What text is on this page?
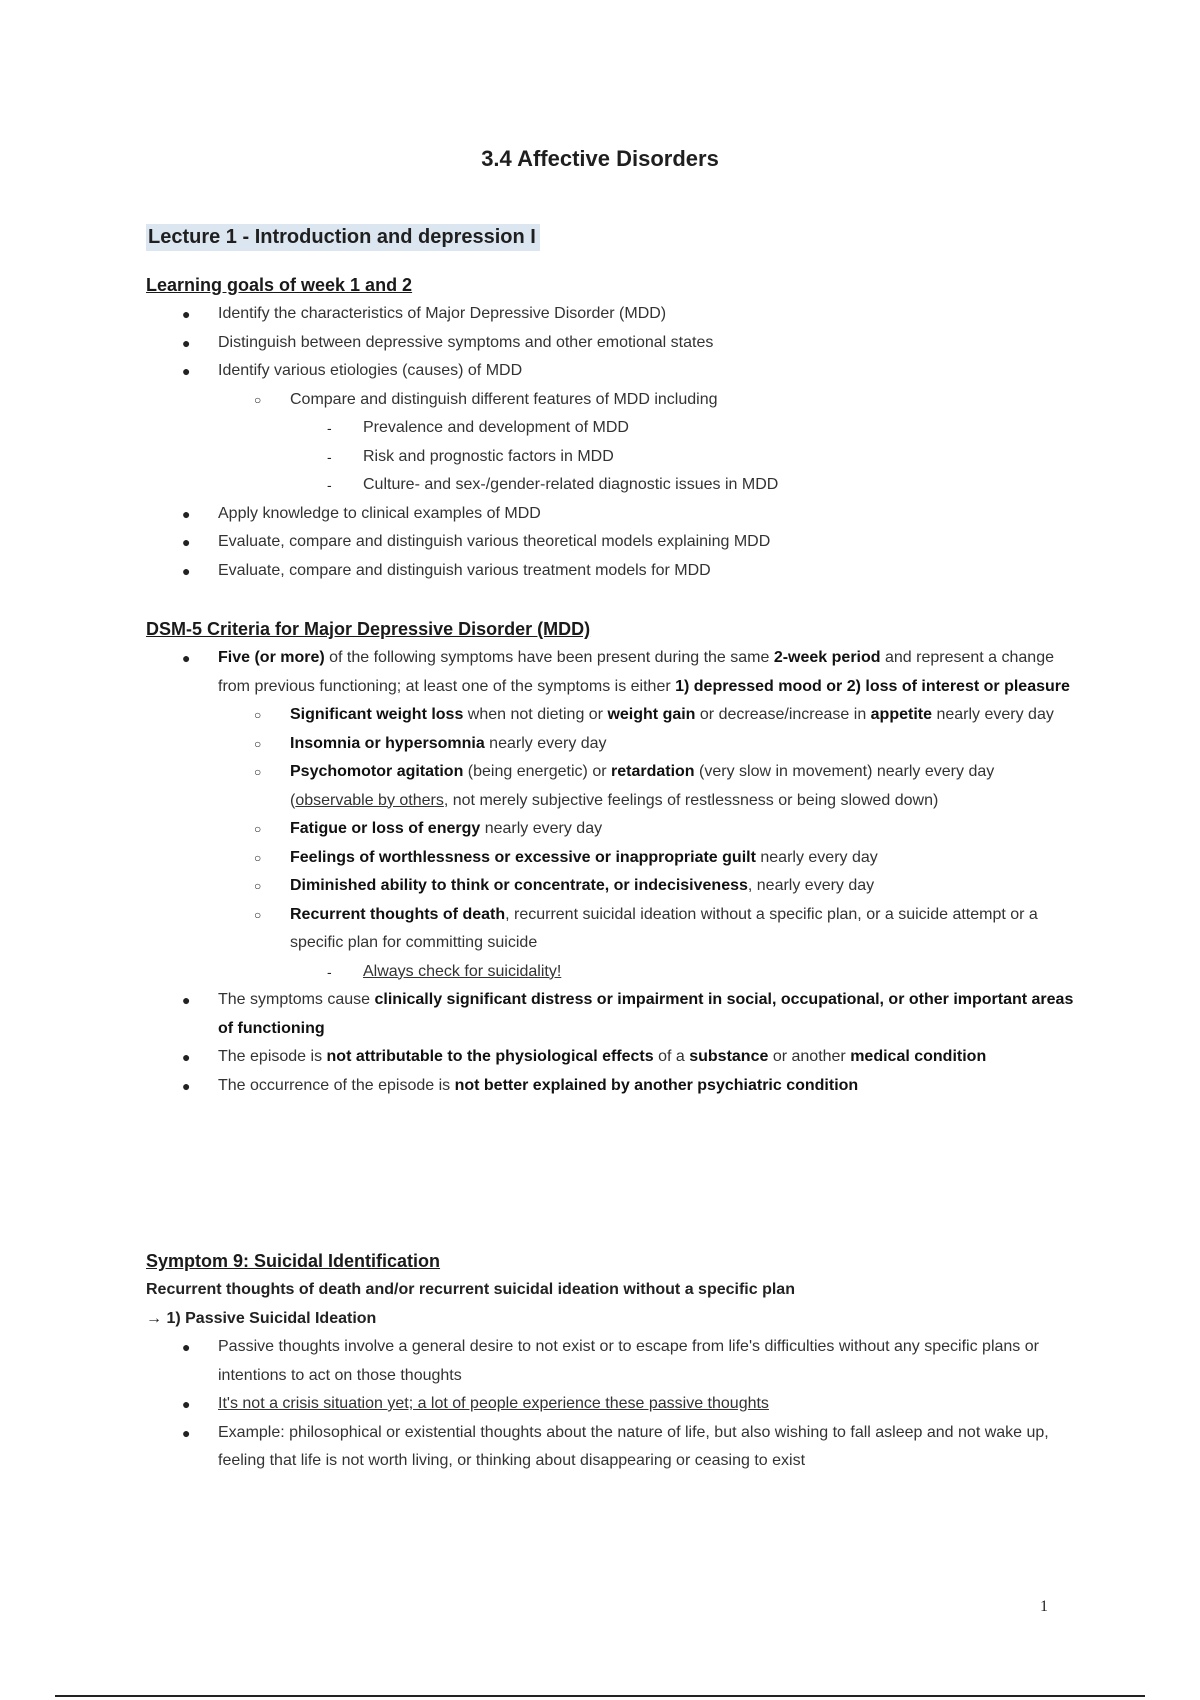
3.4 Affective Disorders
Lecture 1 - Introduction and depression I
Learning goals of week 1 and 2
● Identify the characteristics of Major Depressive Disorder (MDD)
● Distinguish between depressive symptoms and other emotional states
● Identify various etiologies (causes) of MDD
○ Compare and distinguish different features of MDD including
- Prevalence and development of MDD
- Risk and prognostic factors in MDD
- Culture- and sex-/gender-related diagnostic issues in MDD
● Apply knowledge to clinical examples of MDD
● Evaluate, compare and distinguish various theoretical models explaining MDD
● Evaluate, compare and distinguish various treatment models for MDD
DSM-5 Criteria for Major Depressive Disorder (MDD)
● Five (or more) of the following symptoms have been present during the same 2-week period and represent a change from previous functioning; at least one of the symptoms is either 1) depressed mood or 2) loss of interest or pleasure
○ Significant weight loss when not dieting or weight gain or decrease/increase in appetite nearly every day
○ Insomnia or hypersomnia nearly every day
○ Psychomotor agitation (being energetic) or retardation (very slow in movement) nearly every day (observable by others, not merely subjective feelings of restlessness or being slowed down)
○ Fatigue or loss of energy nearly every day
○ Feelings of worthlessness or excessive or inappropriate guilt nearly every day
○ Diminished ability to think or concentrate, or indecisiveness, nearly every day
○ Recurrent thoughts of death, recurrent suicidal ideation without a specific plan, or a suicide attempt or a specific plan for committing suicide
- Always check for suicidality!
● The symptoms cause clinically significant distress or impairment in social, occupational, or other important areas of functioning
● The episode is not attributable to the physiological effects of a substance or another medical condition
● The occurrence of the episode is not better explained by another psychiatric condition
Symptom 9: Suicidal Identification
Recurrent thoughts of death and/or recurrent suicidal ideation without a specific plan
→ 1) Passive Suicidal Ideation
● Passive thoughts involve a general desire to not exist or to escape from life's difficulties without any specific plans or intentions to act on those thoughts
● It's not a crisis situation yet; a lot of people experience these passive thoughts
● Example: philosophical or existential thoughts about the nature of life, but also wishing to fall asleep and not wake up, feeling that life is not worth living, or thinking about disappearing or ceasing to exist
1
